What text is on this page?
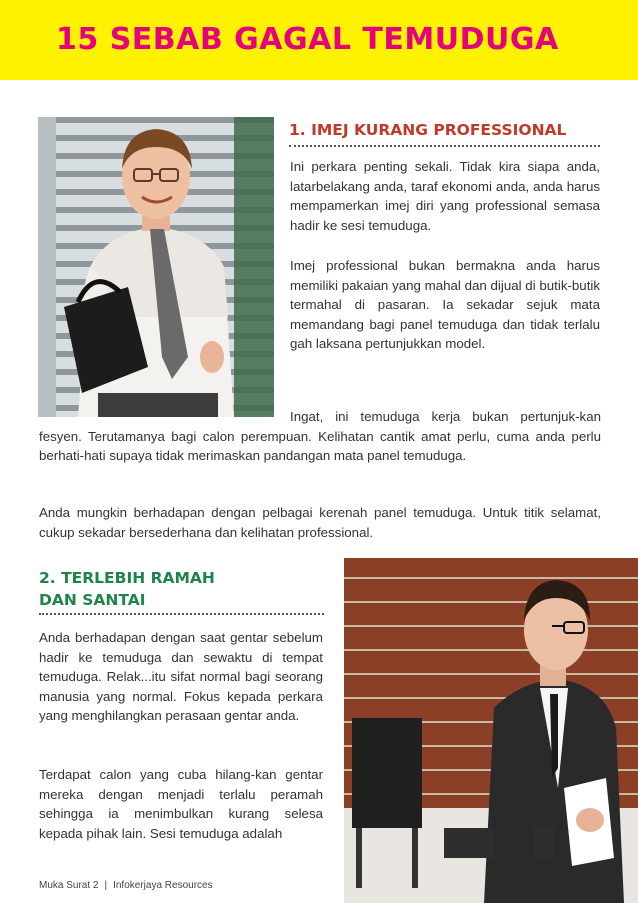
15 SEBAB GAGAL TEMUDUGA
1. IMEJ KURANG PROFESSIONAL

Ini perkara penting sekali. Tidak kira siapa anda, latarbelakang anda, taraf ekonomi anda, anda harus mempamerkan imej diri yang professional semasa hadir ke sesi temuduga.

Imej professional bukan bermakna anda harus memiliki pakaian yang mahal dan dijual di butik-butik termahal di pasaran. Ia sekadar sejuk mata memandang bagi panel temuduga dan tidak terlalu gah laksana pertunjukkan model.

Ingat, ini temuduga kerja bukan pertunjuk-kan fesyen. Terutamanya bagi calon perempuan. Kelihatan cantik amat perlu, cuma anda perlu berhati-hati supaya tidak merimaskan pandangan mata panel temuduga.

Anda mungkin berhadapan dengan pelbagai kerenah panel temuduga. Untuk titik selamat, cukup sekadar bersederhana dan kelihatan professional.

2. TERLEBIH RAMAH
DAN SANTAI

Anda berhadapan dengan saat gentar sebelum hadir ke temuduga dan sewaktu di tempat temuduga. Relak...itu sifat normal bagi seorang manusia yang normal. Fokus kepada perkara yang menghilangkan perasaan gentar anda.

Terdapat calon yang cuba hilang-kan gentar mereka dengan menjadi terlalu peramah sehingga ia menimbulkan kurang selesa kepada pihak lain. Sesi temuduga adalah

Muka Surat 2 | Infokerjaya Resources
